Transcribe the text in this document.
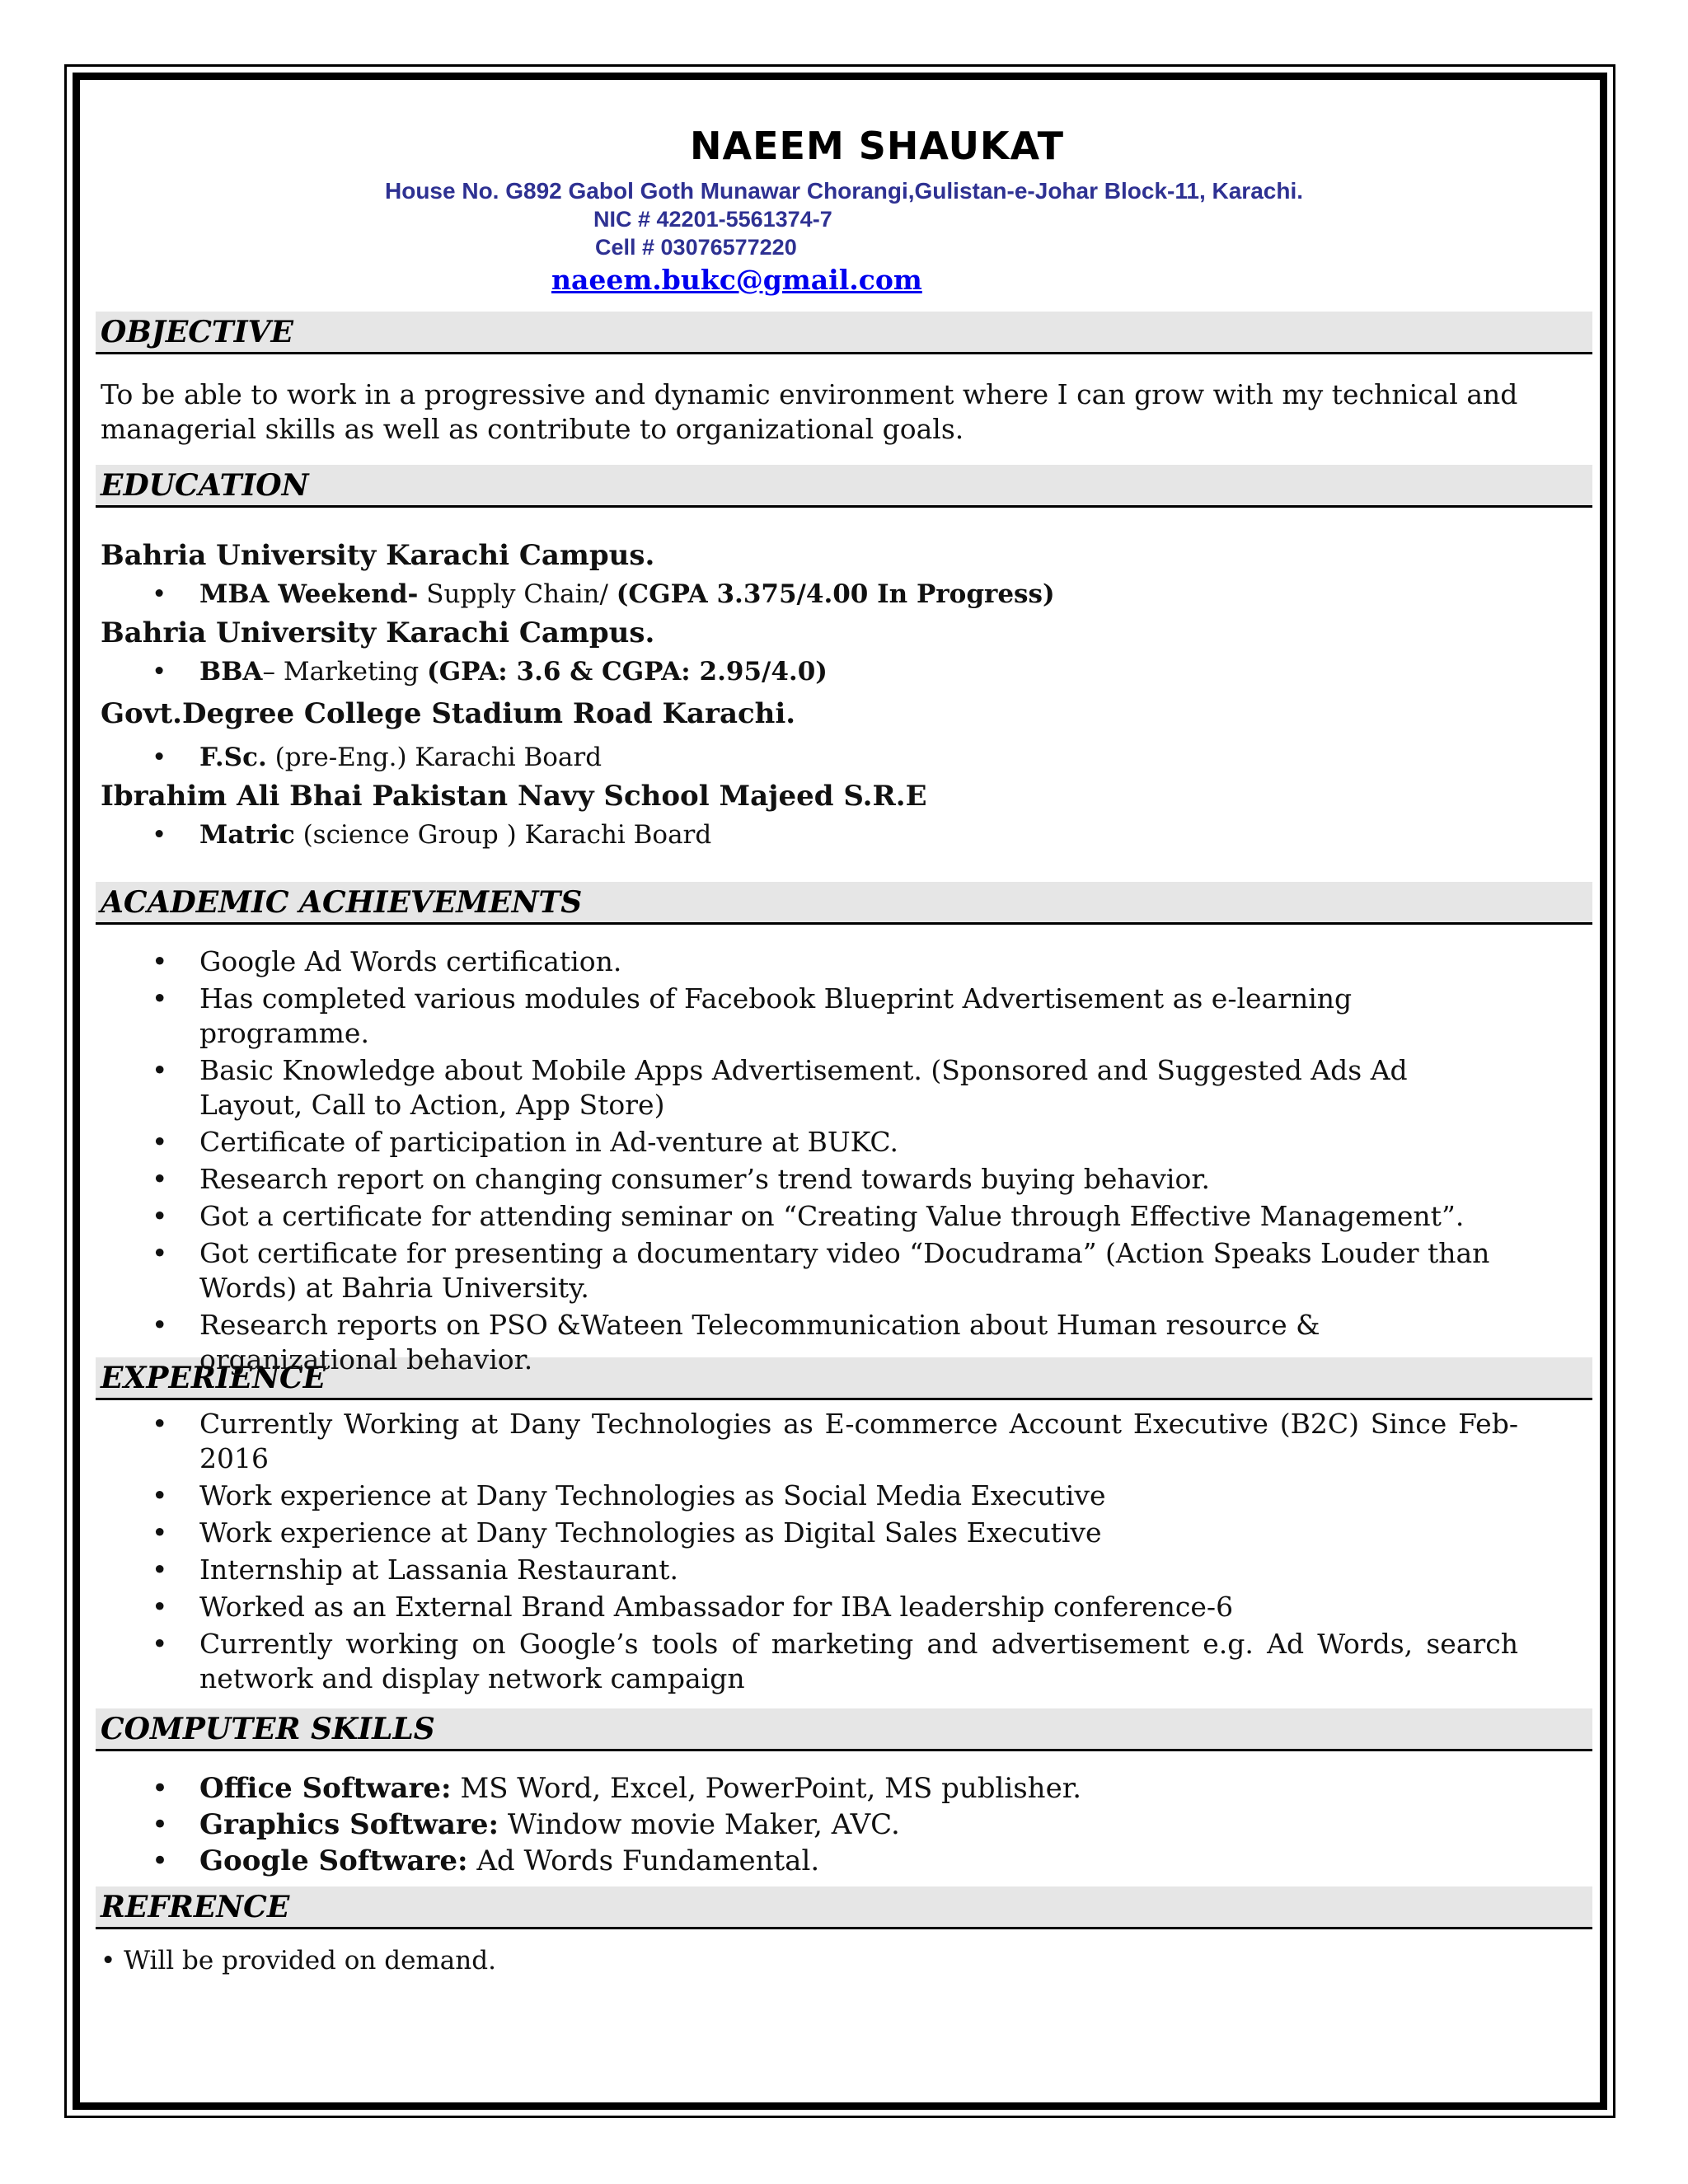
NAEEM SHAUKAT
House No. G892 Gabol Goth Munawar Chorangi,Gulistan-e-Johar Block-11, Karachi.
NIC # 42201-5561374-7
Cell # 03076577220
naeem.bukc@gmail.com
OBJECTIVE
To be able to work in a progressive and dynamic environment where I can grow with my technical and managerial skills as well as contribute to organizational goals.
EDUCATION
Bahria University Karachi Campus.
• MBA Weekend- Supply Chain/ (CGPA 3.375/4.00 In Progress)
Bahria University Karachi Campus.
• BBA– Marketing (GPA: 3.6 & CGPA: 2.95/4.0)
Govt.Degree College Stadium Road Karachi.
• F.Sc. (pre-Eng.) Karachi Board
Ibrahim Ali Bhai Pakistan Navy School Majeed S.R.E
• Matric (science Group ) Karachi Board
ACADEMIC ACHIEVEMENTS
• Google Ad Words certification.
• Has completed various modules of Facebook Blueprint Advertisement as e-learning programme.
• Basic Knowledge about Mobile Apps Advertisement. (Sponsored and Suggested Ads Ad Layout, Call to Action, App Store)
• Certificate of participation in Ad-venture at BUKC.
• Research report on changing consumer’s trend towards buying behavior.
• Got a certificate for attending seminar on “Creating Value through Effective Management”.
• Got certificate for presenting a documentary video “Docudrama” (Action Speaks Louder than Words) at Bahria University.
• Research reports on PSO &Wateen Telecommunication about Human resource & organizational behavior.
EXPERIENCE
• Currently Working at Dany Technologies as E-commerce Account Executive (B2C) Since Feb-2016
• Work experience at Dany Technologies as Social Media Executive
• Work experience at Dany Technologies as Digital Sales Executive
• Internship at Lassania Restaurant.
• Worked as an External Brand Ambassador for IBA leadership conference-6
• Currently working on Google’s tools of marketing and advertisement e.g. Ad Words, search network and display network campaign
COMPUTER SKILLS
• Office Software: MS Word, Excel, PowerPoint, MS publisher.
• Graphics Software: Window movie Maker, AVC.
• Google Software: Ad Words Fundamental.
REFRENCE
• Will be provided on demand.
